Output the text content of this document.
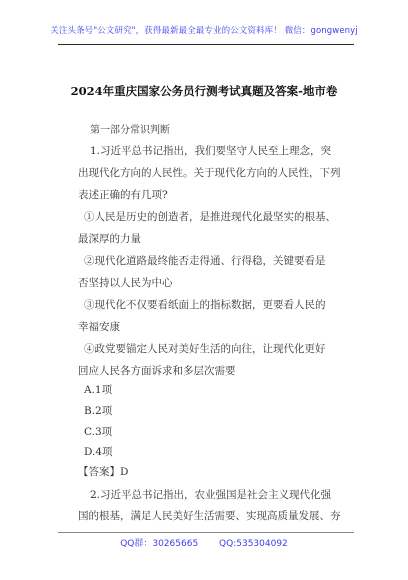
关注头条号"公文研究"，获得最新最全最专业的公文资料库！ 微信：gongwenyj
2024年重庆国家公务员行测考试真题及答案-地市卷
第一部分常识判断
1.习近平总书记指出，我们要坚守人民至上理念，突
出现代化方向的人民性。关于现代化方向的人民性，下列
表述正确的有几项?
①人民是历史的创造者，是推进现代化最坚实的根基、
最深厚的力量
②现代化道路最终能否走得通、行得稳，关键要看是
否坚持以人民为中心
③现代化不仅要看纸面上的指标数据，更要看人民的
幸福安康
④政党要锚定人民对美好生活的向往，让现代化更好
回应人民各方面诉求和多层次需要
A.1项
B.2项
C.3项
D.4项
【答案】D
2.习近平总书记指出，农业强国是社会主义现代化强
国的根基，满足人民美好生活需要、实现高质量发展、夯
QQ群：30265665 QQ:535304092
